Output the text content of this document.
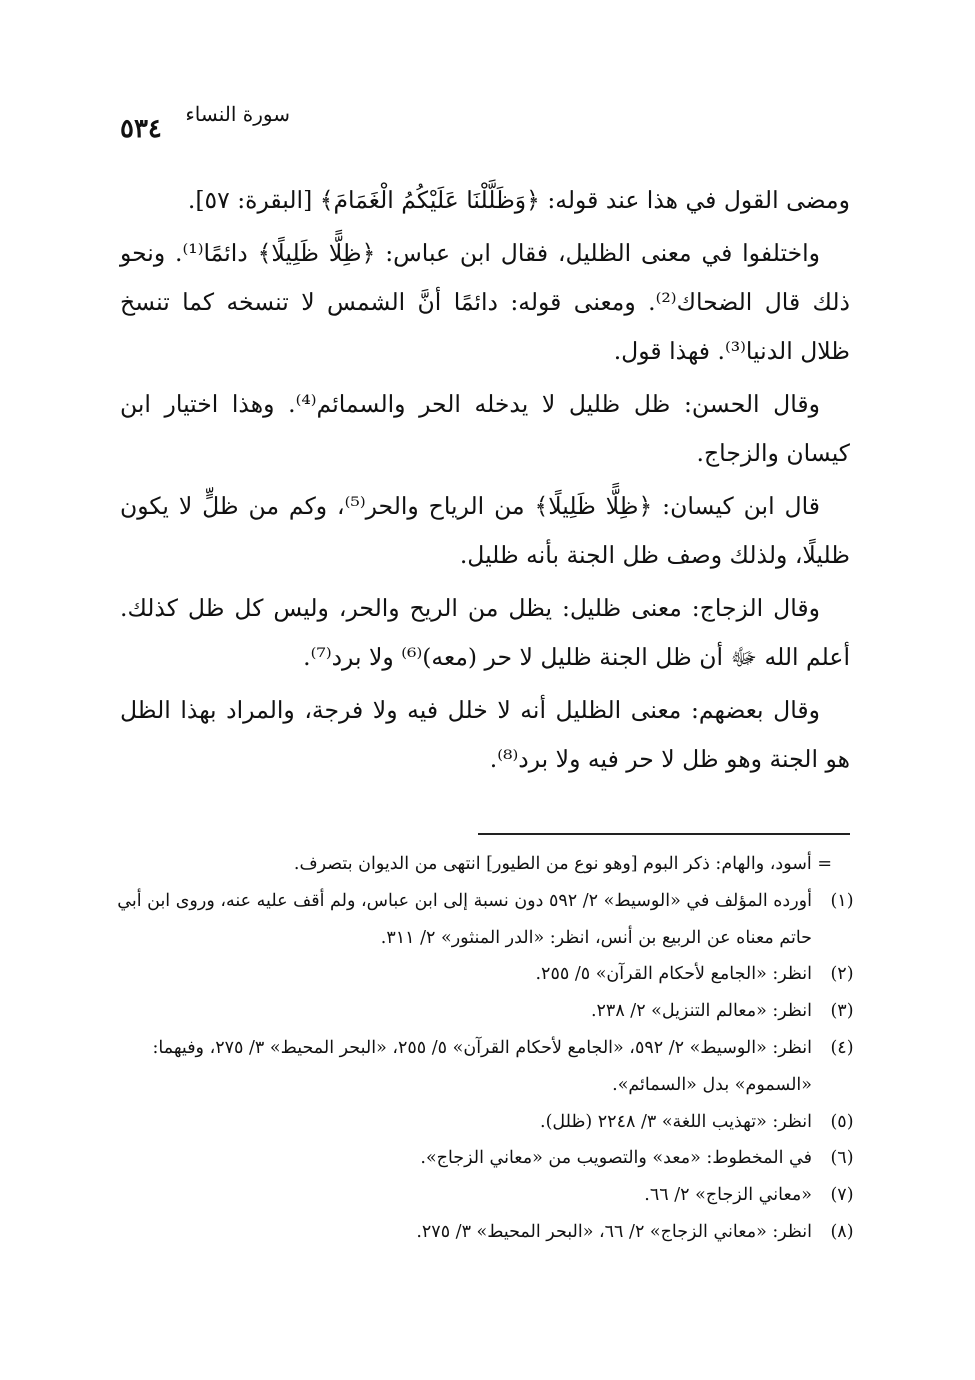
سورة النساء
٥٣٤

ومضى القول في هذا عند قوله: ﴿وَظَلَّلْنَا عَلَيْكُمُ الْغَمَامَ﴾ [البقرة: ٥٧].

واختلفوا في معنى الظليل، فقال ابن عباس: ﴿ظِلًّا ظَلِيلًا﴾ دائمًا⁽¹⁾. ونحو ذلك قال الضحاك⁽²⁾. ومعنى قوله: دائمًا أنَّ الشمس لا تنسخه كما تنسخ ظلال الدنيا⁽³⁾. فهذا قول.

وقال الحسن: ظل ظليل لا يدخله الحر والسمائم⁽⁴⁾. وهذا اختيار ابن كيسان والزجاج.

قال ابن كيسان: ﴿ظِلًّا ظَلِيلًا﴾ من الرياح والحر⁽⁵⁾، وكم من ظلٍّ لا يكون ظليلًا، ولذلك وصف ظل الجنة بأنه ظليل.

وقال الزجاج: معنى ظليل: يظل من الريح والحر، وليس كل ظل كذلك. أعلم الله ﷻ أن ظل الجنة ظليل لا حر (معه)⁽⁶⁾ ولا برد⁽⁷⁾.

وقال بعضهم: معنى الظليل أنه لا خلل فيه ولا فرجة، والمراد بهذا الظل هو الجنة وهو ظل لا حر فيه ولا برد⁽⁸⁾.

= أسود، والهام: ذكر البوم [وهو نوع من الطيور] انتهى من الديوان بتصرف.

(١)
أورده المؤلف في «الوسيط» ٢/ ٥٩٢ دون نسبة إلى ابن عباس، ولم أقف عليه عنه، وروى ابن أبي حاتم معناه عن الربيع بن أنس، انظر: «الدر المنثور» ٢/ ٣١١.

(٢)
انظر: «الجامع لأحكام القرآن» ٥/ ٢٥٥.

(٣)
انظر: «معالم التنزيل» ٢/ ٢٣٨.

(٤)
انظر: «الوسيط» ٢/ ٥٩٢، «الجامع لأحكام القرآن» ٥/ ٢٥٥، «البحر المحيط» ٣/ ٢٧٥، وفيهما: «السموم» بدل «السمائم».

(٥)
انظر: «تهذيب اللغة» ٣/ ٢٢٤٨ (ظلل).

(٦)
في المخطوط: «معد» والتصويب من «معاني الزجاج».

(٧)
«معاني الزجاج» ٢/ ٦٦.

(٨)
انظر: «معاني الزجاج» ٢/ ٦٦، «البحر المحيط» ٣/ ٢٧٥.
